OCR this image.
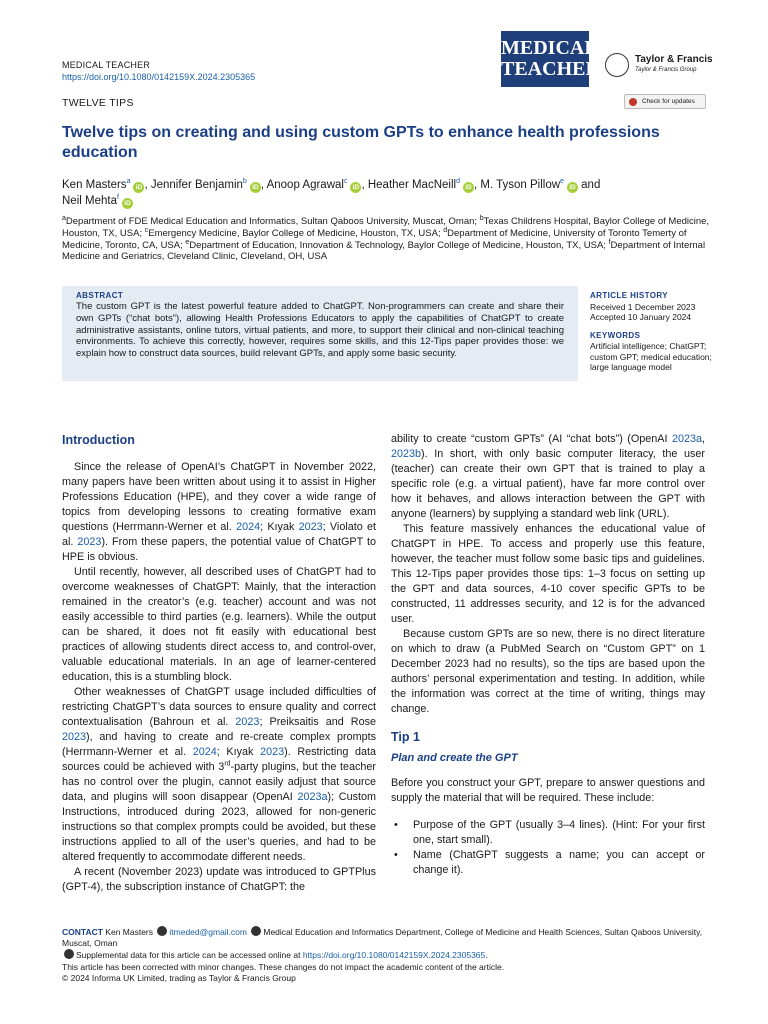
MEDICAL TEACHER
https://doi.org/10.1080/0142159X.2024.2305365
MEDICAL
TEACHER	Taylor & Francis
Taylor & Francis Group
TWELVE TIPS	Check for updates
Twelve tips on creating and using custom GPTs to enhance health professions education
Ken Masters$^a$iD , Jennifer Benjamin$^b$iD , Anoop Agrawal$^c$iD , Heather MacNeill$^d$iD , M. Tyson Pillow$^e$iD and
Neil Mehta$^f$iD
$^a$Department of FDE Medical Education and Informatics, Sultan Qaboos University, Muscat, Oman; $^b$Texas Childrens Hospital, Baylor College of Medicine, Houston, TX, USA; $^c$Emergency Medicine, Baylor College of Medicine, Houston, TX, USA; $^d$Department of Medicine, University of Toronto Temerty of Medicine, Toronto, CA, USA; $^e$Department of Education, Innovation & Technology, Baylor College of Medicine, Houston, TX, USA; $^f$Department of Internal Medicine and Geriatrics, Cleveland Clinic, Cleveland, OH, USA
ABSTRACT

The custom GPT is the latest powerful feature added to ChatGPT. Non-programmers can create and share their own GPTs (“chat bots”), allowing Health Professions Educators to apply the capabilities of ChatGPT to create administrative assistants, online tutors, virtual patients, and more, to support their clinical and non-clinical teaching environments. To achieve this correctly, however, requires some skills, and this 12-Tips paper provides those: we explain how to construct data sources, build relevant GPTs, and apply some basic security.

ARTICLE HISTORY
Received 1 December 2023
Accepted 10 January 2024
KEYWORDS
Artificial intelligence; ChatGPT; custom GPT; medical education; large language model
Introduction

Since the release of OpenAI’s ChatGPT in November 2022, many papers have been written about using it to assist in Higher Professions Education (HPE), and they cover a wide range of topics from developing lessons to creating formative exam questions (Herrmann-Werner et al. 2024; Kıyak 2023; Violato et al. 2023). From these papers, the potential value of ChatGPT to HPE is obvious.

Until recently, however, all described uses of ChatGPT had to overcome weaknesses of ChatGPT: Mainly, that the interaction remained in the creator’s (e.g. teacher) account and was not easily accessible to third parties (e.g. learners). While the output can be shared, it does not fit easily with educational best practices of allowing students direct access to, and control-over, valuable educational materials. In an age of learner-centered education, this is a stumbling block.

Other weaknesses of ChatGPT usage included difficulties of restricting ChatGPT’s data sources to ensure quality and correct contextualisation (Bahroun et al. 2023; Preiksaitis and Rose 2023), and having to create and re-create complex prompts (Herrmann-Werner et al. 2024; Kıyak 2023). Restricting data sources could be achieved with 3rd-party plugins, but the teacher has no control over the plugin, cannot easily adjust that source data, and plugins will soon disappear (OpenAI 2023a); Custom Instructions, introduced during 2023, allowed for non-generic instructions so that complex prompts could be avoided, but these instructions applied to all of the user’s queries, and had to be altered frequently to accommodate different needs.

A recent (November 2023) update was introduced to GPTPlus (GPT-4), the subscription instance of ChatGPT: the

ability to create “custom GPTs” (AI “chat bots”) (OpenAI 2023a, 2023b). In short, with only basic computer literacy, the user (teacher) can create their own GPT that is trained to play a specific role (e.g. a virtual patient), have far more control over how it behaves, and allows interaction between the GPT with anyone (learners) by supplying a standard web link (URL).

This feature massively enhances the educational value of ChatGPT in HPE. To access and properly use this feature, however, the teacher must follow some basic tips and guidelines. This 12-Tips paper provides those tips: 1–3 focus on setting up the GPT and data sources, 4-10 cover specific GPTs to be constructed, 11 addresses security, and 12 is for the advanced user.

Because custom GPTs are so new, there is no direct literature on which to draw (a PubMed Search on “Custom GPT” on 1 December 2023 had no results), so the tips are based upon the authors’ personal experimentation and testing. In addition, while the information was correct at the time of writing, things may change.

Tip 1
Plan and create the GPT

Before you construct your GPT, prepare to answer questions and supply the material that will be required. These include:

• Purpose of the GPT (usually 3–4 lines). (Hint: For your first one, start small).

• Name (ChatGPT suggests a name; you can accept or change it).

CONTACT Ken Masters itmeded@gmail.com Medical Education and Informatics Department, College of Medicine and Health Sciences, Sultan Qaboos University, Muscat, Oman
Supplemental data for this article can be accessed online at https://doi.org/10.1080/0142159X.2024.2305365.
This article has been corrected with minor changes. These changes do not impact the academic content of the article.
© 2024 Informa UK Limited, trading as Taylor & Francis Group
